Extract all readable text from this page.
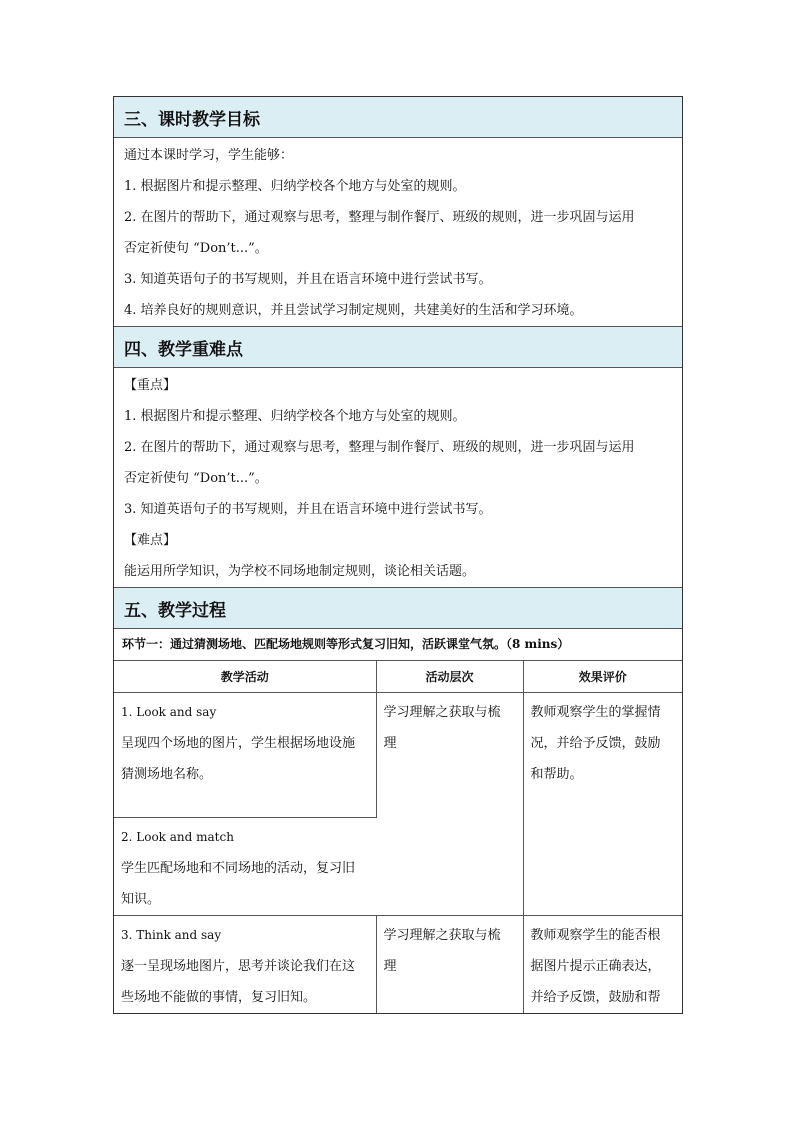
三、课时教学目标
通过本课时学习，学生能够：
1. 根据图片和提示整理、归纳学校各个地方与处室的规则。
2. 在图片的帮助下，通过观察与思考，整理与制作餐厅、班级的规则，进一步巩固与运用
否定祈使句 “Don’t...”。
3. 知道英语句子的书写规则，并且在语言环境中进行尝试书写。
4. 培养良好的规则意识，并且尝试学习制定规则，共建美好的生活和学习环境。
四、教学重难点
【重点】
1. 根据图片和提示整理、归纳学校各个地方与处室的规则。
2. 在图片的帮助下，通过观察与思考，整理与制作餐厅、班级的规则，进一步巩固与运用
否定祈使句 “Don’t...”。
3. 知道英语句子的书写规则，并且在语言环境中进行尝试书写。
【难点】
能运用所学知识，为学校不同场地制定规则，谈论相关话题。
五、教学过程
环节一：通过猜测场地、匹配场地规则等形式复习旧知，活跃课堂气氛。（8 mins）
教学活动	活动层次	效果评价

1. Look and say
呈现四个场地的图片，学生根据场地设施
猜测场地名称。	学习理解之获取与梳
理	教师观察学生的掌握情
况，并给予反馈，鼓励
和帮助。

2. Look and match
学生匹配场地和不同场地的活动，复习旧
知识。		

3. Think and say
逐一呈现场地图片，思考并谈论我们在这
些场地不能做的事情，复习旧知。	学习理解之获取与梳
理	教师观察学生的能否根
据图片提示正确表达，
并给予反馈，鼓励和帮
